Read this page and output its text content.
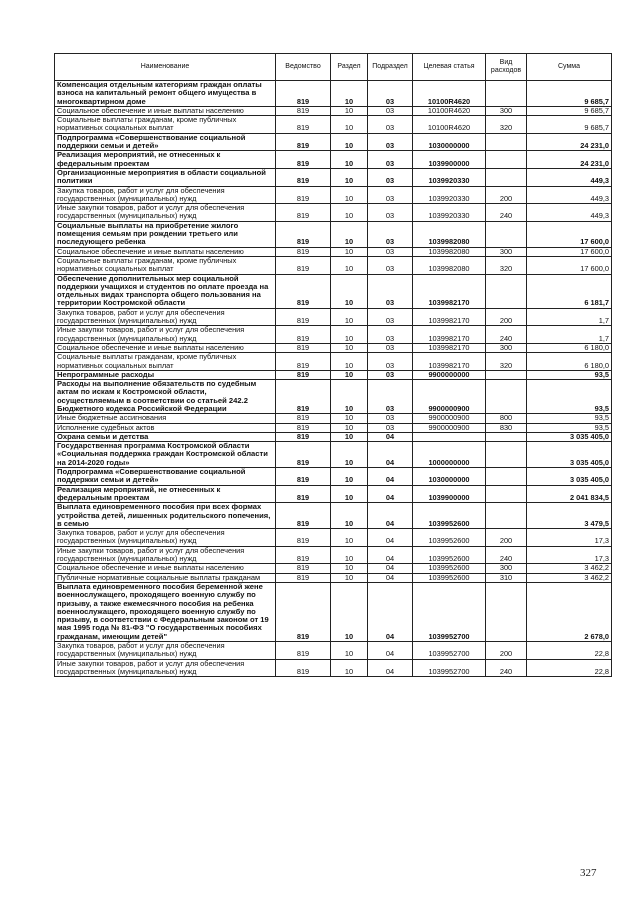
Наименование	Ведомство	Раздел	Подраздел	Целевая статья	Вид расходов	Сумма
Компенсация отдельным категориям граждан оплаты взноса на капитальный ремонт общего имущества в многоквартирном доме	819	10	03	10100R4620		9 685,7
Социальное обеспечение и иные выплаты населению	819	10	03	10100R4620	300	9 685,7
Социальные выплаты гражданам, кроме публичных нормативных социальных выплат	819	10	03	10100R4620	320	9 685,7
Подпрограмма «Совершенствование социальной поддержки семьи и детей»	819	10	03	1030000000		24 231,0
Реализация мероприятий, не отнесенных к федеральным проектам	819	10	03	1039900000		24 231,0
Организационные мероприятия в области социальной политики	819	10	03	1039920330		449,3
Закупка товаров, работ и услуг для обеспечения государственных (муниципальных) нужд	819	10	03	1039920330	200	449,3
Иные закупки товаров, работ и услуг для обеспечения государственных (муниципальных) нужд	819	10	03	1039920330	240	449,3
Социальные выплаты на приобретение жилого помещения семьям при рождении третьего или последующего ребенка	819	10	03	1039982080		17 600,0
Социальное обеспечение и иные выплаты населению	819	10	03	1039982080	300	17 600,0
Социальные выплаты гражданам, кроме публичных нормативных социальных выплат	819	10	03	1039982080	320	17 600,0
Обеспечение дополнительных мер социальной поддержки учащихся и студентов по оплате проезда на отдельных видах транспорта общего пользования на территории Костромской области	819	10	03	1039982170		6 181,7
Закупка товаров, работ и услуг для обеспечения государственных (муниципальных) нужд	819	10	03	1039982170	200	1,7
Иные закупки товаров, работ и услуг для обеспечения государственных (муниципальных) нужд	819	10	03	1039982170	240	1,7
Социальное обеспечение и иные выплаты населению	819	10	03	1039982170	300	6 180,0
Социальные выплаты гражданам, кроме публичных нормативных социальных выплат	819	10	03	1039982170	320	6 180,0
Непрограммные расходы	819	10	03	9900000000		93,5
Расходы на выполнение обязательств по судебным актам по искам к Костромской области, осуществляемым в соответствии со статьей 242.2 Бюджетного кодекса Российской Федерации	819	10	03	9900000900		93,5
Иные бюджетные ассигнования	819	10	03	9900000900	800	93,5
Исполнение судебных актов	819	10	03	9900000900	830	93,5
Охрана семьи и детства	819	10	04			3 035 405,0
Государственная программа Костромской области «Социальная поддержка граждан Костромской области на 2014-2020 годы»	819	10	04	1000000000		3 035 405,0
Подпрограмма «Совершенствование социальной поддержки семьи и детей»	819	10	04	1030000000		3 035 405,0
Реализация мероприятий, не отнесенных к федеральным проектам	819	10	04	1039900000		2 041 834,5
Выплата единовременного пособия при всех формах устройства детей, лишенных родительского попечения, в семью	819	10	04	1039952600		3 479,5
Закупка товаров, работ и услуг для обеспечения государственных (муниципальных) нужд	819	10	04	1039952600	200	17,3
Иные закупки товаров, работ и услуг для обеспечения государственных (муниципальных) нужд	819	10	04	1039952600	240	17,3
Социальное обеспечение и иные выплаты населению	819	10	04	1039952600	300	3 462,2
Публичные нормативные социальные выплаты гражданам	819	10	04	1039952600	310	3 462,2
Выплата единовременного пособия беременной жене военнослужащего, проходящего военную службу по призыву, а также ежемесячного пособия на ребенка военнослужащего, проходящего военную службу по призыву, в соответствии с Федеральным законом от 19 мая 1995 года № 81-ФЗ "О государственных пособиях гражданам, имеющим детей"	819	10	04	1039952700		2 678,0
Закупка товаров, работ и услуг для обеспечения государственных (муниципальных) нужд	819	10	04	1039952700	200	22,8
Иные закупки товаров, работ и услуг для обеспечения государственных (муниципальных) нужд	819	10	04	1039952700	240	22,8
327
